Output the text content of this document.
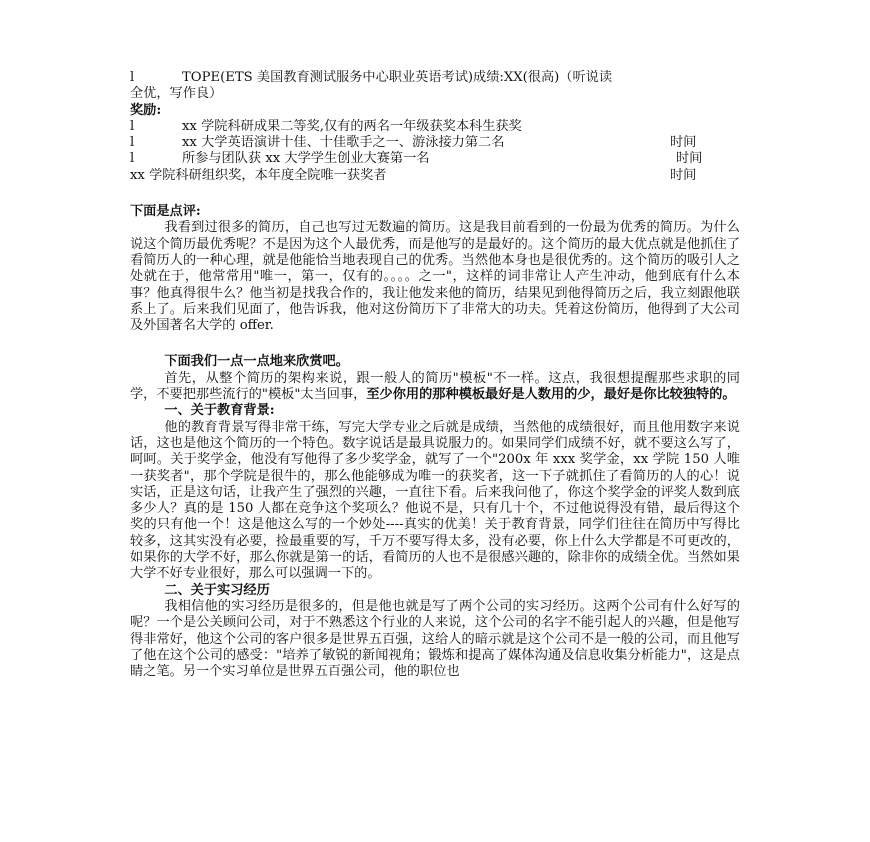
l	TOPE(ETS 美国教育测试服务中心职业英语考试)成绩:XX(很高)（听说读
全优，写作良）
奖励:
l	xx 学院科研成果二等奖,仅有的两名一年级获奖本科生获奖
l	xx 大学英语演讲十佳、十佳歌手之一、游泳接力第二名	时间
l	所参与团队获 xx 大学学生创业大赛第一名	时间
xx 学院科研组织奖，本年度全院唯一获奖者	时间
下面是点评:

我看到过很多的简历，自己也写过无数遍的简历。这是我目前看到的一份最为优秀的简历。为什么说这个简历最优秀呢？不是因为这个人最优秀，而是他写的是最好的。这个简历的最大优点就是他抓住了看简历人的一种心理，就是他能恰当地表现自己的优秀。当然他本身也是很优秀的。这个简历的吸引人之处就在于，他常常用"唯一，第一，仅有的。。。。之一"，这样的词非常让人产生冲动，他到底有什么本事？他真得很牛么？他当初是找我合作的，我让他发来他的简历，结果见到他得简历之后，我立刻跟他联系上了。后来我们见面了，他告诉我，他对这份简历下了非常大的功夫。凭着这份简历，他得到了大公司及外国著名大学的 offer.

下面我们一点一点地来欣赏吧。

首先，从整个简历的架构来说，跟一般人的简历"模板"不一样。这点，我很想提醒那些求职的同学，不要把那些流行的"模板"太当回事，至少你用的那种模板最好是人数用的少，最好是你比较独特的。

一、关于教育背景:

他的教育背景写得非常干练，写完大学专业之后就是成绩，当然他的成绩很好，而且他用数字来说话，这也是他这个简历的一个特色。数字说话是最具说服力的。如果同学们成绩不好，就不要这么写了，呵呵。关于奖学金，他没有写他得了多少奖学金，就写了一个"200x 年 xxx 奖学金，xx 学院 150 人唯一获奖者"，那个学院是很牛的，那么他能够成为唯一的获奖者，这一下子就抓住了看简历的人的心！说实话，正是这句话，让我产生了强烈的兴趣，一直往下看。后来我问他了，你这个奖学金的评奖人数到底多少人？真的是 150 人都在竞争这个奖项么？他说不是，只有几十个，不过他说得没有错，最后得这个奖的只有他一个！这是他这么写的一个妙处----真实的优美！关于教育背景，同学们往往在简历中写得比较多，这其实没有必要，捡最重要的写，千万不要写得太多，没有必要，你上什么大学都是不可更改的，如果你的大学不好，那么你就是第一的话，看简历的人也不是很感兴趣的，除非你的成绩全优。当然如果大学不好专业很好，那么可以强调一下的。

二、关于实习经历

我相信他的实习经历是很多的，但是他也就是写了两个公司的实习经历。这两个公司有什么好写的呢？一个是公关顾问公司，对于不熟悉这个行业的人来说，这个公司的名字不能引起人的兴趣，但是他写得非常好，他这个公司的客户很多是世界五百强，这给人的暗示就是这个公司不是一般的公司，而且他写了他在这个公司的感受："培养了敏锐的新闻视角；锻炼和提高了媒体沟通及信息收集分析能力"，这是点睛之笔。另一个实习单位是世界五百强公司，他的职位也
